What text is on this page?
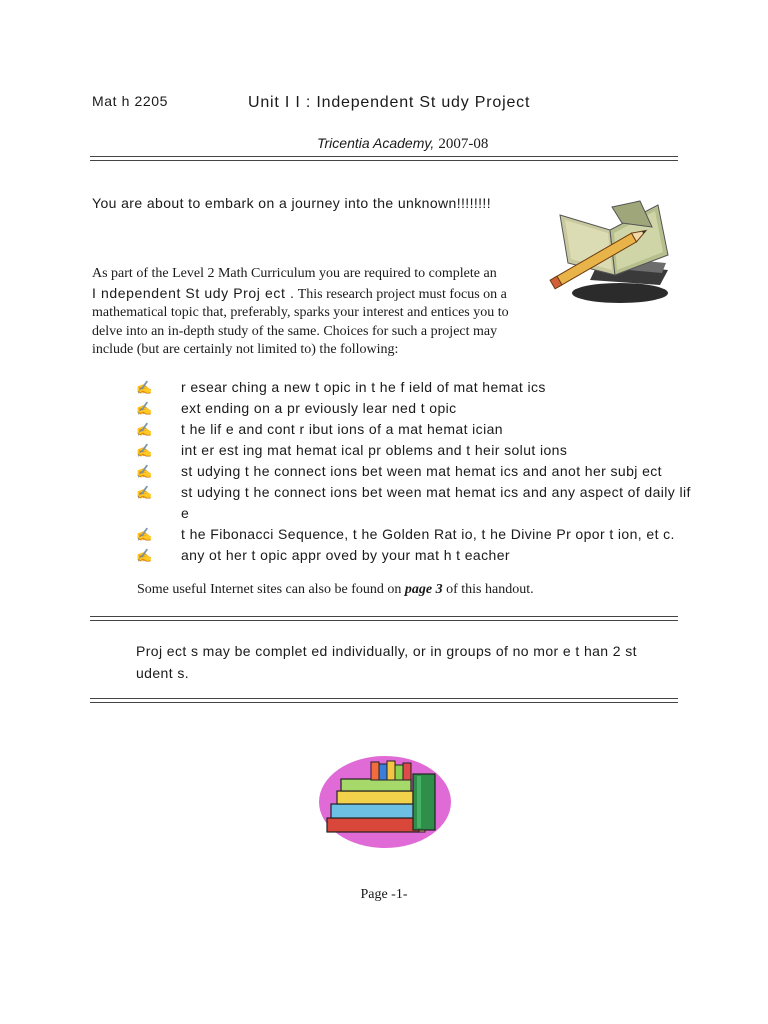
Mat h 2205	Unit I I : Independent St udy Project
Tricentia Academy, 2007-08
You are about to embark on a journey into the unknown!!!!!!!!
As part of the Level 2 Math Curriculum you are required to complete an
I ndependent St udy Proj ect . This research project must focus on a mathematical topic that, preferably, sparks your interest and entices you to delve into an in-depth study of the same. Choices for such a project may include (but are certainly not limited to) the following:
✍ r esear ching a new t opic in t he f ield of mat hemat ics
✍ ext ending on a pr eviously lear ned t opic
✍ t he lif e and cont r ibut ions of a mat hemat ician
✍ int er est ing mat hemat ical pr oblems and t heir solut ions
✍ st udying t he connect ions bet ween mat hemat ics and anot her subj ect
✍ st udying t he connect ions bet ween mat hemat ics and any aspect of daily lif e
✍ t he Fibonacci Sequence, t he Golden Rat io, t he Divine Pr opor t ion, et c.
✍ any ot her t opic appr oved by your mat h t eacher
Some useful Internet sites can also be found on page 3 of this handout.
Proj ect s may be complet ed individually, or in groups of no mor e t han 2 st udent s.
Page -1-
